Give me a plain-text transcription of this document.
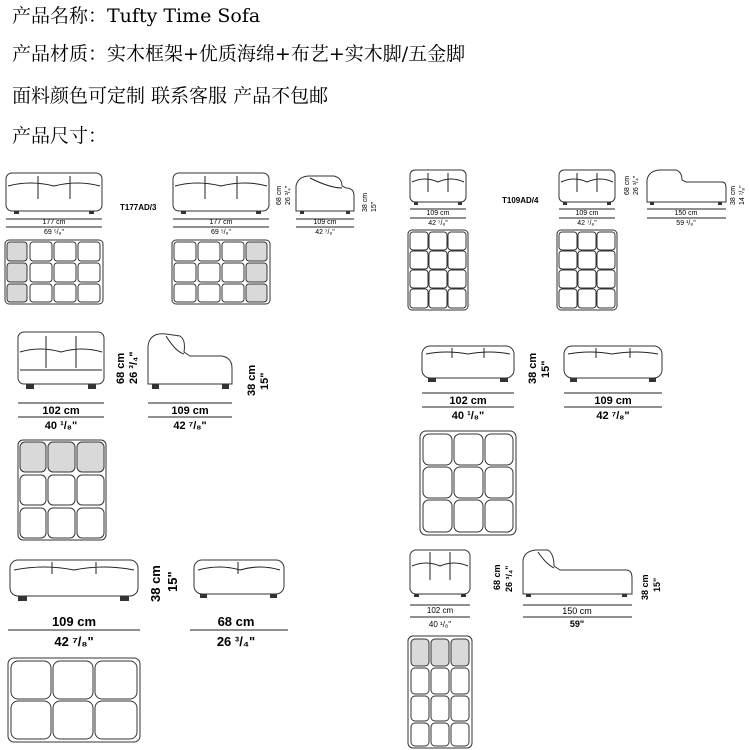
产品名称：Tufty Time Sofa
产品材质：实木框架+优质海绵+布艺+实木脚/五金脚
面料颜色可定制 联系客服 产品不包邮
产品尺寸：
177 cm
69 ⁵/₈"
T177AD/3
177 cm
69 ⁵/₈"
68 cm 26 ³/₄"
109 cm
42 ⁷/₈"
38 cm 15"
109 cm
42 ⁷/₈"
T109AD/4
109 cm
42 ⁷/₈"
68 cm 26 ³/₄"
150 cm
59 ¹/₈"
38 cm 14 ⁷/₈"
102 cm
40 ¹/₈"
68 cm 26 ³/₄"
109 cm
42 ⁷/₈"
38 cm 15"
102 cm
40 ¹/₈"
38 cm 15"
109 cm
42 ⁷/₈"
109 cm
42 ⁷/₈"
38 cm 15"
68 cm
26 ³/₄"
102 cm
40 ¹/₈"
68 cm 26 ³/₄"
150 cm
59"
38 cm 15"
